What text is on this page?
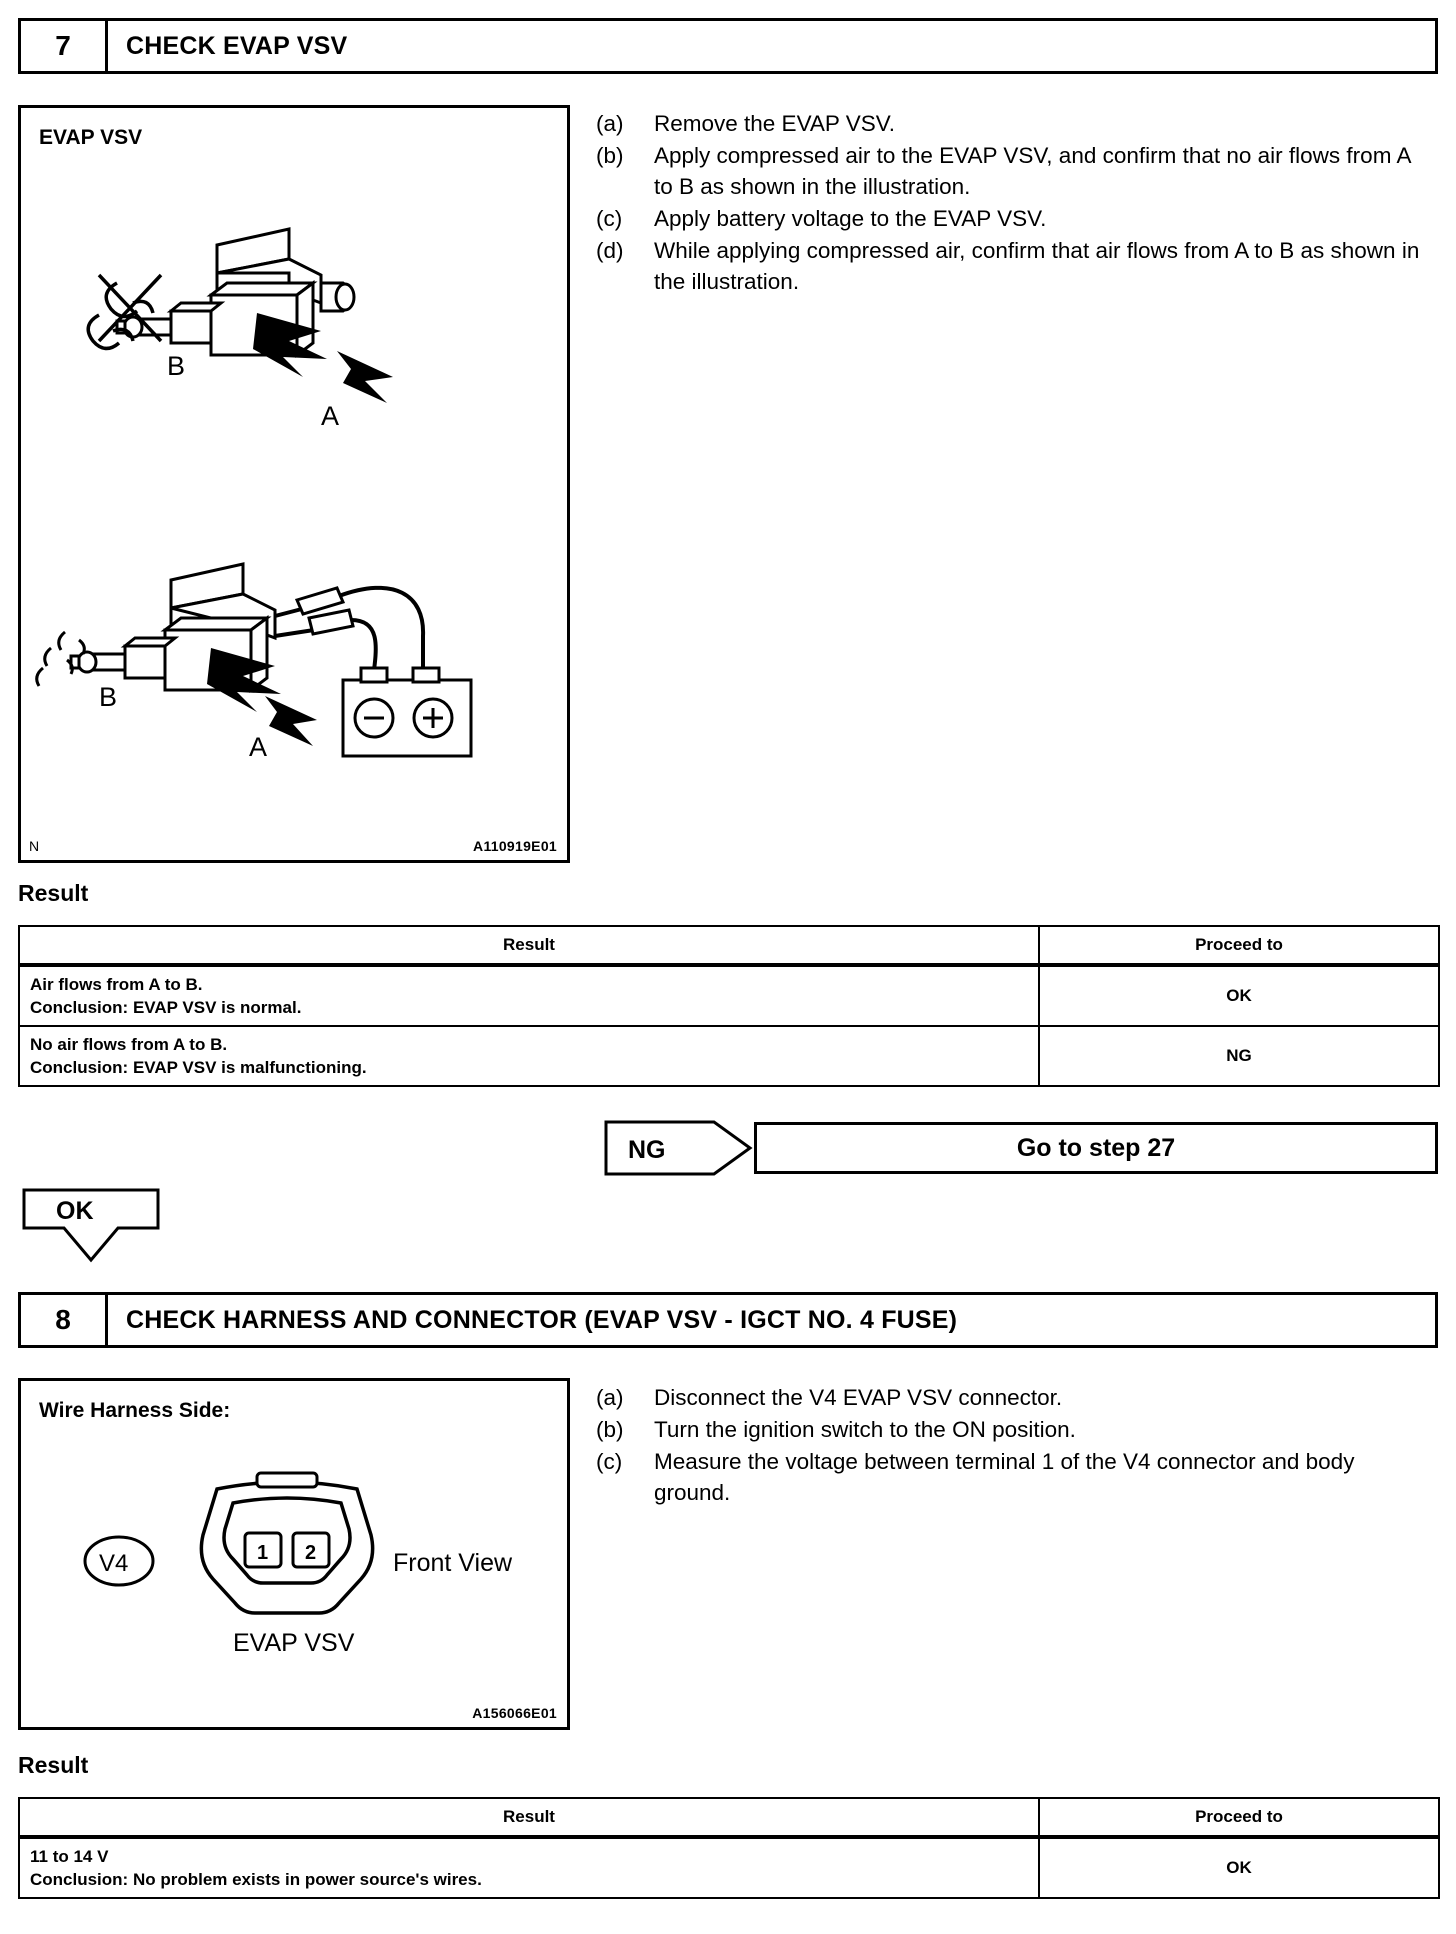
7	CHECK EVAP VSV
EVAP VSV
N	A110919E01
B
A
B
A
(a)	Remove the EVAP VSV.
(b)	Apply compressed air to the EVAP VSV, and confirm that no air flows from A to B as shown in the illustration.
(c)	Apply battery voltage to the EVAP VSV.
(d)	While applying compressed air, confirm that air flows from A to B as shown in the illustration.
Result
Result	Proceed to

Air flows from A to B.
Conclusion: EVAP VSV is normal.	OK

No air flows from A to B.
Conclusion: EVAP VSV is malfunctioning.	NG
NG	Go to step 27
OK
8	CHECK HARNESS AND CONNECTOR (EVAP VSV - IGCT NO. 4 FUSE)
Wire Harness Side:
A156066E01
V4	1 2	Front View
EVAP VSV
(a)	Disconnect the V4 EVAP VSV connector.
(b)	Turn the ignition switch to the ON position.
(c)	Measure the voltage between terminal 1 of the V4 connector and body ground.
Result
Result	Proceed to

11 to 14 V
Conclusion: No problem exists in power source's wires.	OK
